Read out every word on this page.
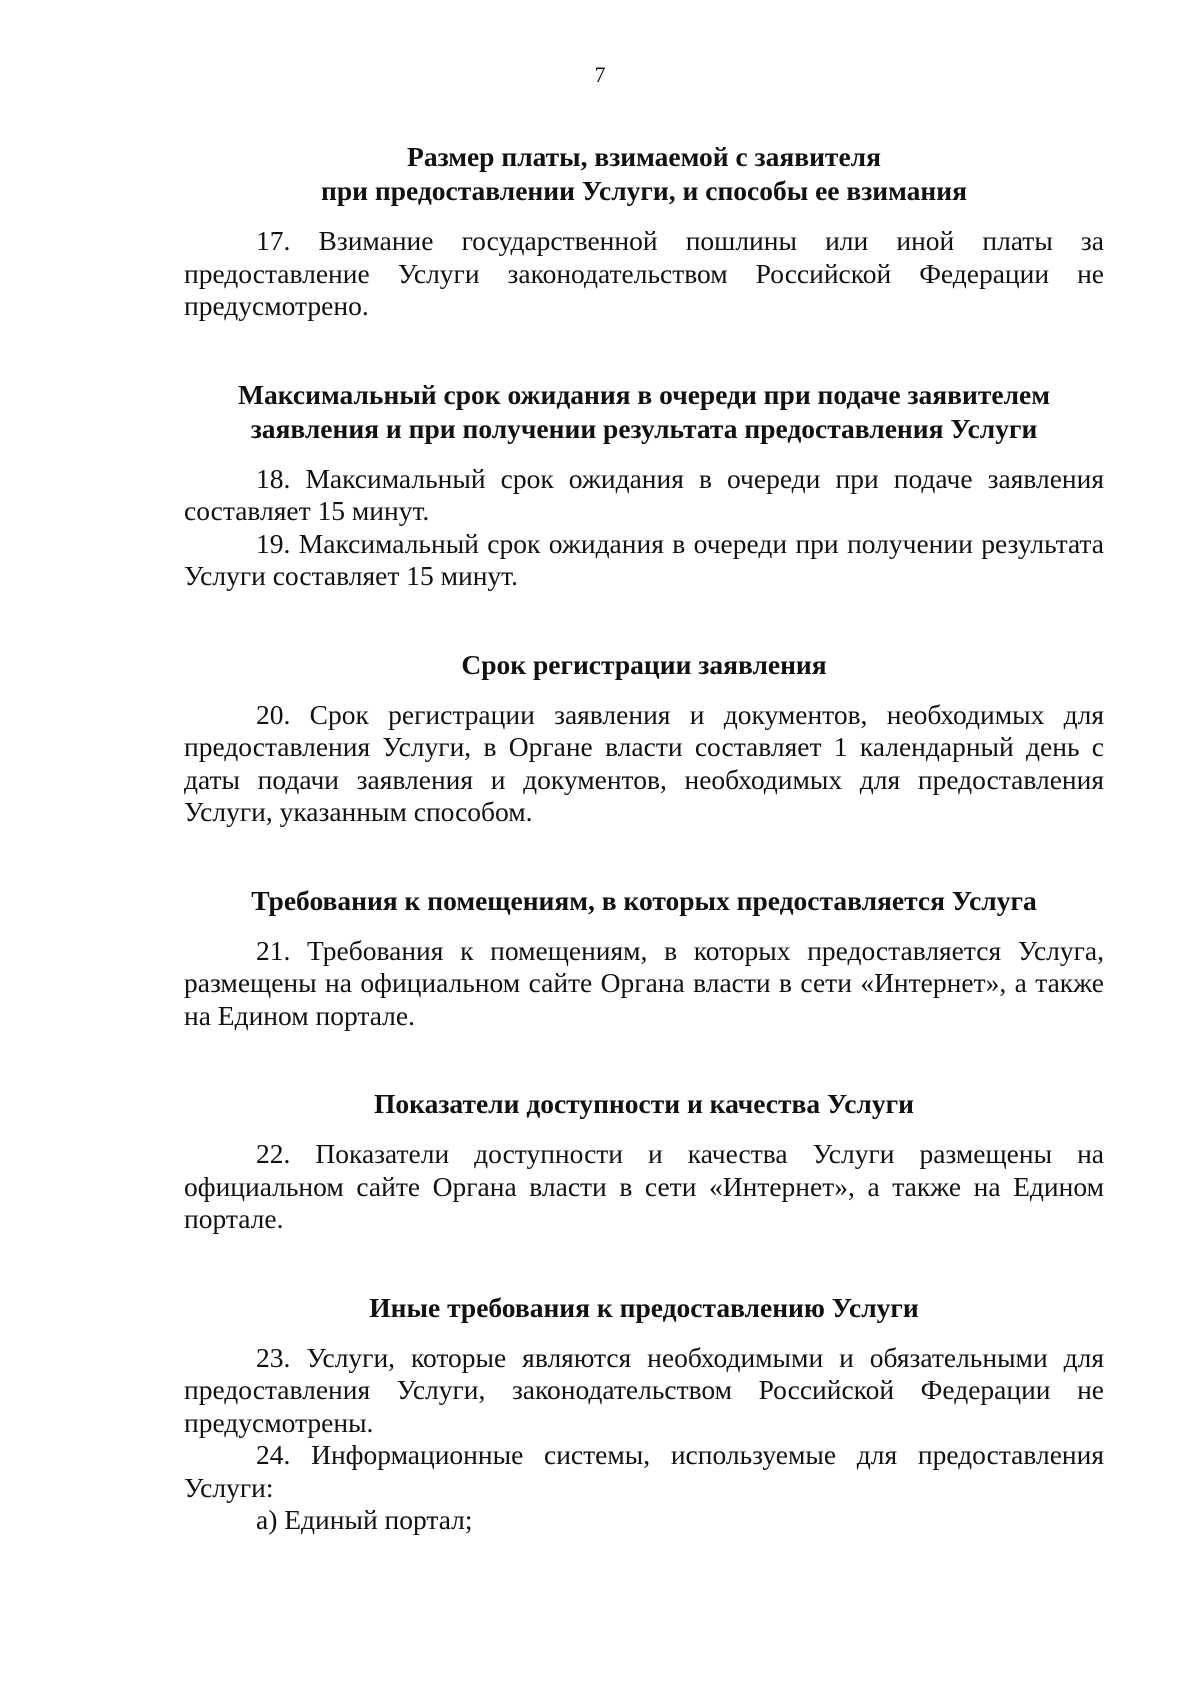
7
Размер платы, взимаемой с заявителя
при предоставлении Услуги, и способы ее взимания

17. Взимание государственной пошлины или иной платы за предоставление Услуги законодательством Российской Федерации не предусмотрено.

Максимальный срок ожидания в очереди при подаче заявителем
заявления и при получении результата предоставления Услуги

18. Максимальный срок ожидания в очереди при подаче заявления составляет 15 минут.

19. Максимальный срок ожидания в очереди при получении результата Услуги составляет 15 минут.

Срок регистрации заявления

20. Срок регистрации заявления и документов, необходимых для предоставления Услуги, в Органе власти составляет 1 календарный день с даты подачи заявления и документов, необходимых для предоставления Услуги, указанным способом.

Требования к помещениям, в которых предоставляется Услуга

21. Требования к помещениям, в которых предоставляется Услуга, размещены на официальном сайте Органа власти в сети «Интернет», а также на Едином портале.

Показатели доступности и качества Услуги

22. Показатели доступности и качества Услуги размещены на официальном сайте Органа власти в сети «Интернет», а также на Едином портале.

Иные требования к предоставлению Услуги

23. Услуги, которые являются необходимыми и обязательными для предоставления Услуги, законодательством Российской Федерации не предусмотрены.

24. Информационные системы, используемые для предоставления Услуги:

а) Единый портал;
